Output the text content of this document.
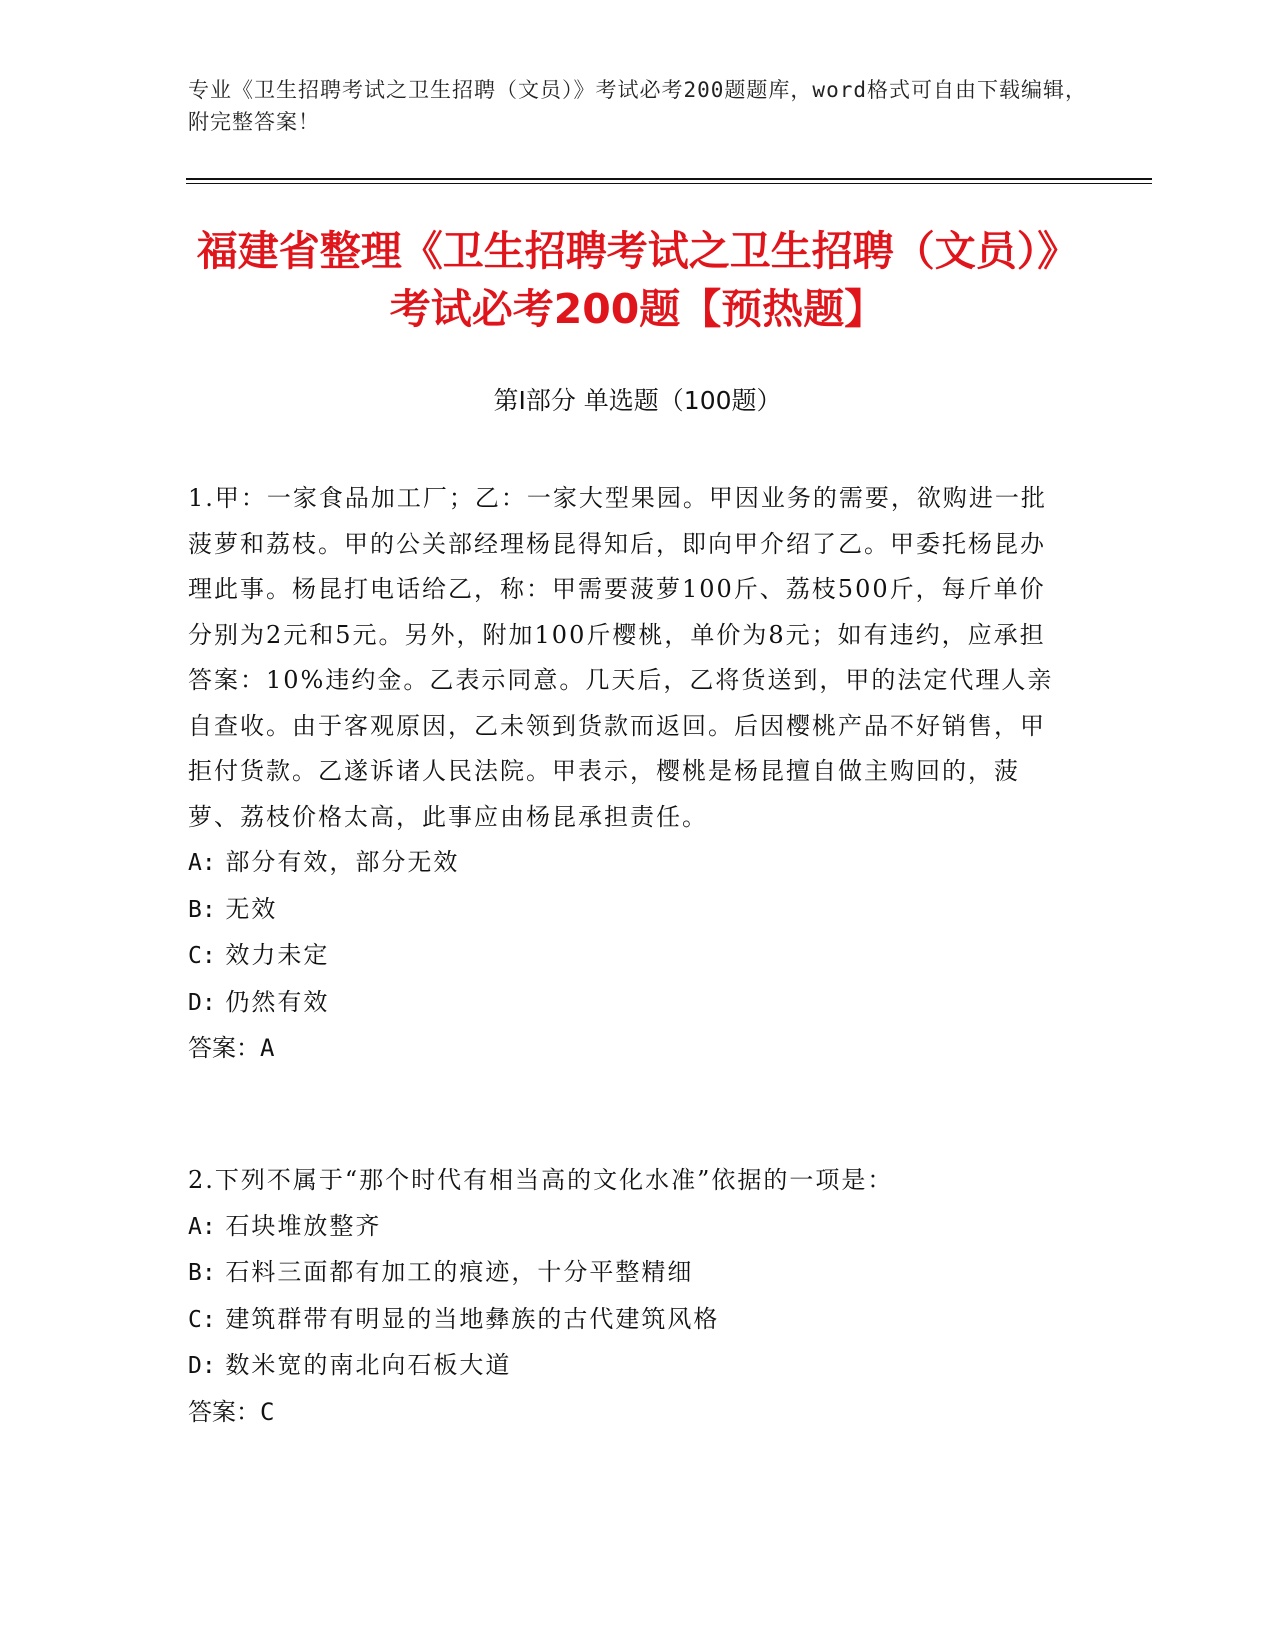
专业《卫生招聘考试之卫生招聘（文员）》考试必考200题题库，word格式可自由下载编辑，附完整答案！
福建省整理《卫生招聘考试之卫生招聘（文员）》考试必考200题【预热题】
第Ⅰ部分 单选题（100题）

1.甲：一家食品加工厂；乙：一家大型果园。甲因业务的需要，欲购进一批菠萝和荔枝。甲的公关部经理杨昆得知后，即向甲介绍了乙。甲委托杨昆办理此事。杨昆打电话给乙，称：甲需要菠萝100斤、荔枝500斤，每斤单价分别为2元和5元。另外，附加100斤樱桃，单价为8元；如有违约，应承担答案：10%违约金。乙表示同意。几天后，乙将货送到，甲的法定代理人亲自查收。由于客观原因，乙未领到货款而返回。后因樱桃产品不好销售，甲拒付货款。乙遂诉诸人民法院。甲表示，樱桃是杨昆擅自做主购回的，菠萝、荔枝价格太高，此事应由杨昆承担责任。

A: 部分有效，部分无效

B: 无效

C: 效力未定

D: 仍然有效

答案：A

2.下列不属于“那个时代有相当高的文化水准”依据的一项是：

A: 石块堆放整齐

B: 石料三面都有加工的痕迹，十分平整精细

C: 建筑群带有明显的当地彝族的古代建筑风格

D: 数米宽的南北向石板大道

答案：C
